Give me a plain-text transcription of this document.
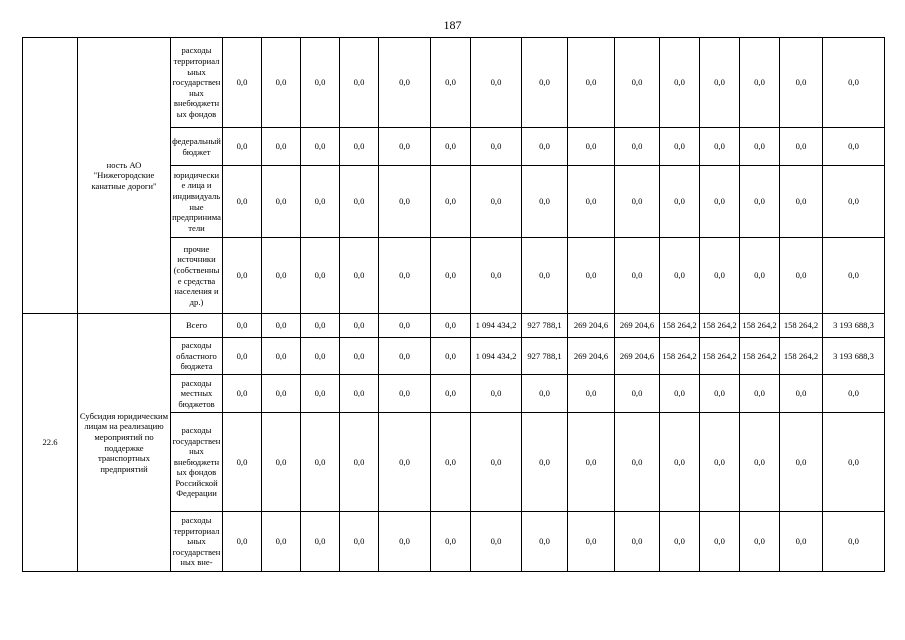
187
	ность АО "Нижегородские канатные дороги"	расходы территориальных государственных внебюджетных фондов	0,0	0,0	0,0	0,0	0,0	0,0	0,0	0,0	0,0	0,0	0,0	0,0	0,0	0,0	0,0
		федеральный бюджет	0,0	0,0	0,0	0,0	0,0	0,0	0,0	0,0	0,0	0,0	0,0	0,0	0,0	0,0	0,0
		юридические лица и индивидуальные предприниматели	0,0	0,0	0,0	0,0	0,0	0,0	0,0	0,0	0,0	0,0	0,0	0,0	0,0	0,0	0,0
		прочие источники (собственные средства населения и др.)	0,0	0,0	0,0	0,0	0,0	0,0	0,0	0,0	0,0	0,0	0,0	0,0	0,0	0,0	0,0
22.6	Субсидия юридическим лицам на реализацию мероприятий по поддержке транспортных предприятий	Всего	0,0	0,0	0,0	0,0	0,0	0,0	1 094 434,2	927 788,1	269 204,6	269 204,6	158 264,2	158 264,2	158 264,2	158 264,2	3 193 688,3
		расходы областного бюджета	0,0	0,0	0,0	0,0	0,0	0,0	1 094 434,2	927 788,1	269 204,6	269 204,6	158 264,2	158 264,2	158 264,2	158 264,2	3 193 688,3
		расходы местных бюджетов	0,0	0,0	0,0	0,0	0,0	0,0	0,0	0,0	0,0	0,0	0,0	0,0	0,0	0,0	0,0
		расходы государственных внебюджетных фондов Российской Федерации	0,0	0,0	0,0	0,0	0,0	0,0	0,0	0,0	0,0	0,0	0,0	0,0	0,0	0,0	0,0
		расходы территориальных государственных вне-	0,0	0,0	0,0	0,0	0,0	0,0	0,0	0,0	0,0	0,0	0,0	0,0	0,0	0,0	0,0
